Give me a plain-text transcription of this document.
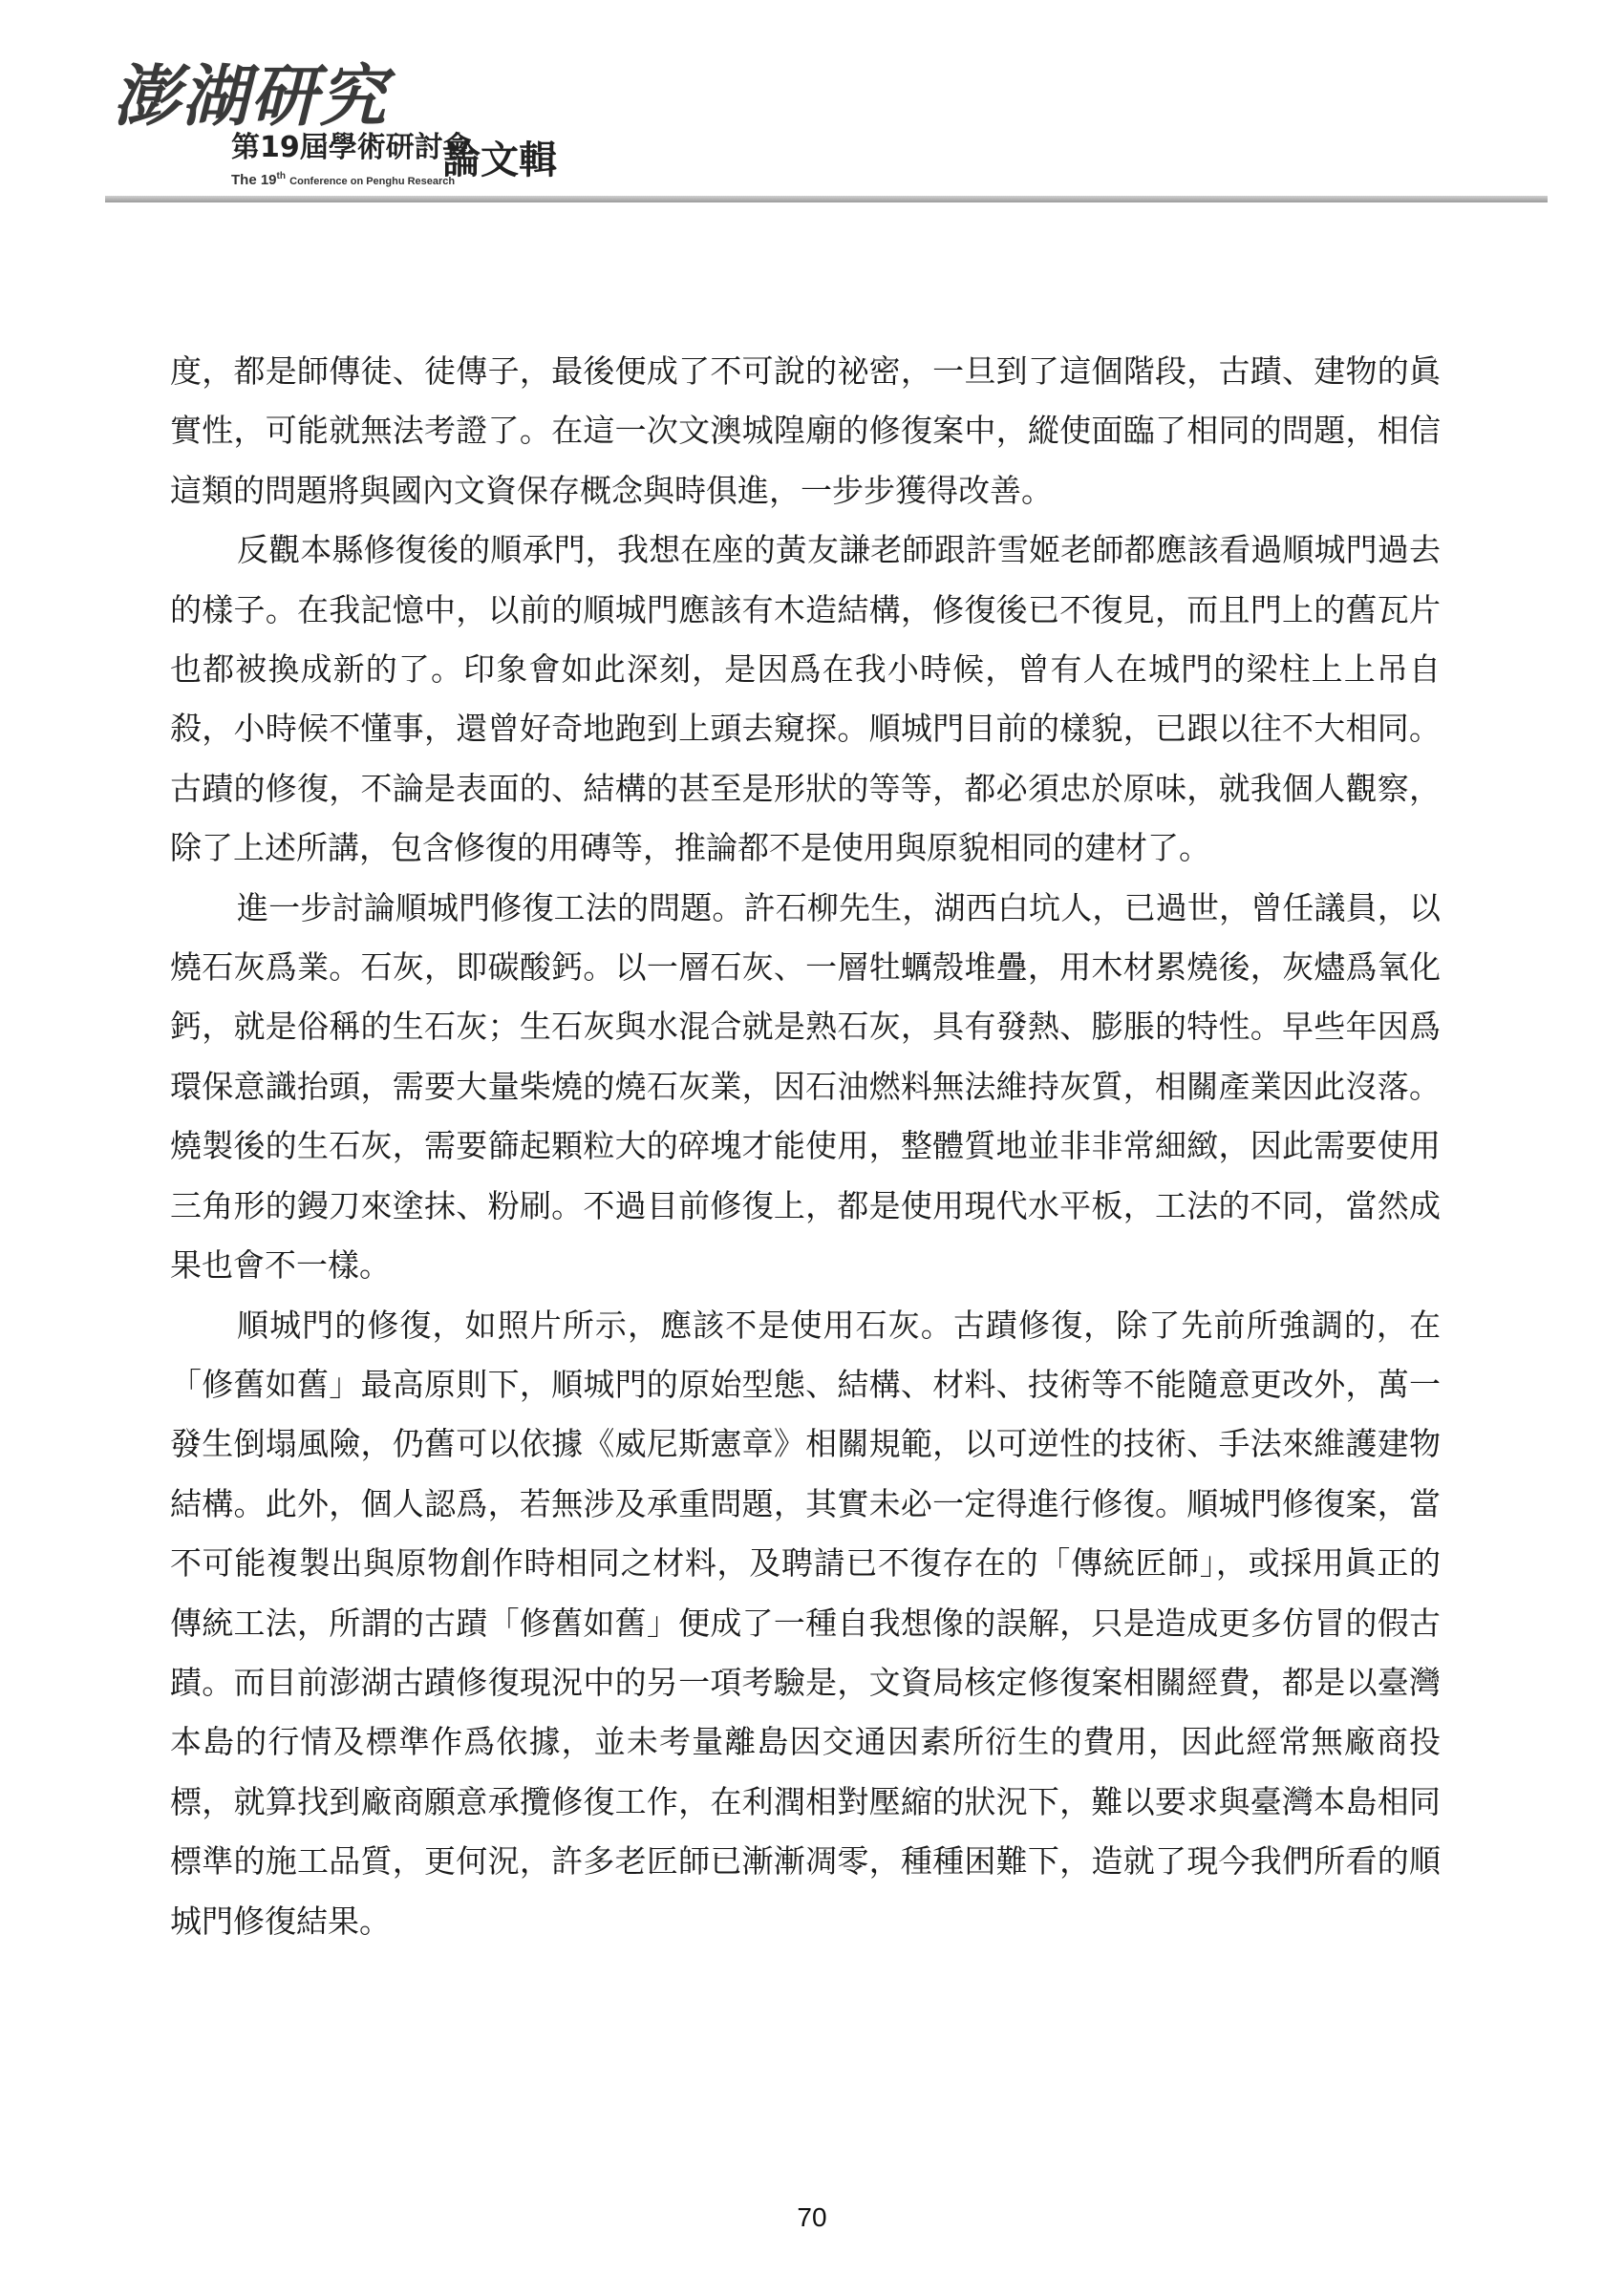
澎湖研究
第19屆學術研討會
The 19th Conference on Penghu Research
論文輯

度，都是師傳徒、徒傳子，最後便成了不可說的祕密，一旦到了這個階段，古蹟、建物的眞實性，可能就無法考證了。在這一次文澳城隍廟的修復案中，縱使面臨了相同的問題，相信這類的問題將與國內文資保存概念與時俱進，一步步獲得改善。

反觀本縣修復後的順承門，我想在座的黃友謙老師跟許雪姬老師都應該看過順城門過去的樣子。在我記憶中，以前的順城門應該有木造結構，修復後已不復見，而且門上的舊瓦片也都被換成新的了。印象會如此深刻，是因爲在我小時候，曾有人在城門的梁柱上上吊自殺，小時候不懂事，還曾好奇地跑到上頭去窺探。順城門目前的樣貌，已跟以往不大相同。古蹟的修復，不論是表面的、結構的甚至是形狀的等等，都必須忠於原味，就我個人觀察，除了上述所講，包含修復的用磚等，推論都不是使用與原貌相同的建材了。

進一步討論順城門修復工法的問題。許石柳先生，湖西白坑人，已過世，曾任議員，以燒石灰爲業。石灰，即碳酸鈣。以一層石灰、一層牡蠣殼堆疊，用木材累燒後，灰燼爲氧化鈣，就是俗稱的生石灰；生石灰與水混合就是熟石灰，具有發熱、膨脹的特性。早些年因爲環保意識抬頭，需要大量柴燒的燒石灰業，因石油燃料無法維持灰質，相關產業因此沒落。燒製後的生石灰，需要篩起顆粒大的碎塊才能使用，整體質地並非非常細緻，因此需要使用三角形的鏝刀來塗抹、粉刷。不過目前修復上，都是使用現代水平板，工法的不同，當然成果也會不一樣。

順城門的修復，如照片所示，應該不是使用石灰。古蹟修復，除了先前所強調的，在「修舊如舊」最高原則下，順城門的原始型態、結構、材料、技術等不能隨意更改外，萬一發生倒塌風險，仍舊可以依據《威尼斯憲章》相關規範，以可逆性的技術、手法來維護建物結構。此外，個人認爲，若無涉及承重問題，其實未必一定得進行修復。順城門修復案，當不可能複製出與原物創作時相同之材料，及聘請已不復存在的「傳統匠師」，或採用眞正的傳統工法，所謂的古蹟「修舊如舊」便成了一種自我想像的誤解，只是造成更多仿冒的假古蹟。而目前澎湖古蹟修復現況中的另一項考驗是，文資局核定修復案相關經費，都是以臺灣本島的行情及標準作爲依據，並未考量離島因交通因素所衍生的費用，因此經常無廠商投標，就算找到廠商願意承攬修復工作，在利潤相對壓縮的狀況下，難以要求與臺灣本島相同標準的施工品質，更何況，許多老匠師已漸漸凋零，種種困難下，造就了現今我們所看的順城門修復結果。

70
